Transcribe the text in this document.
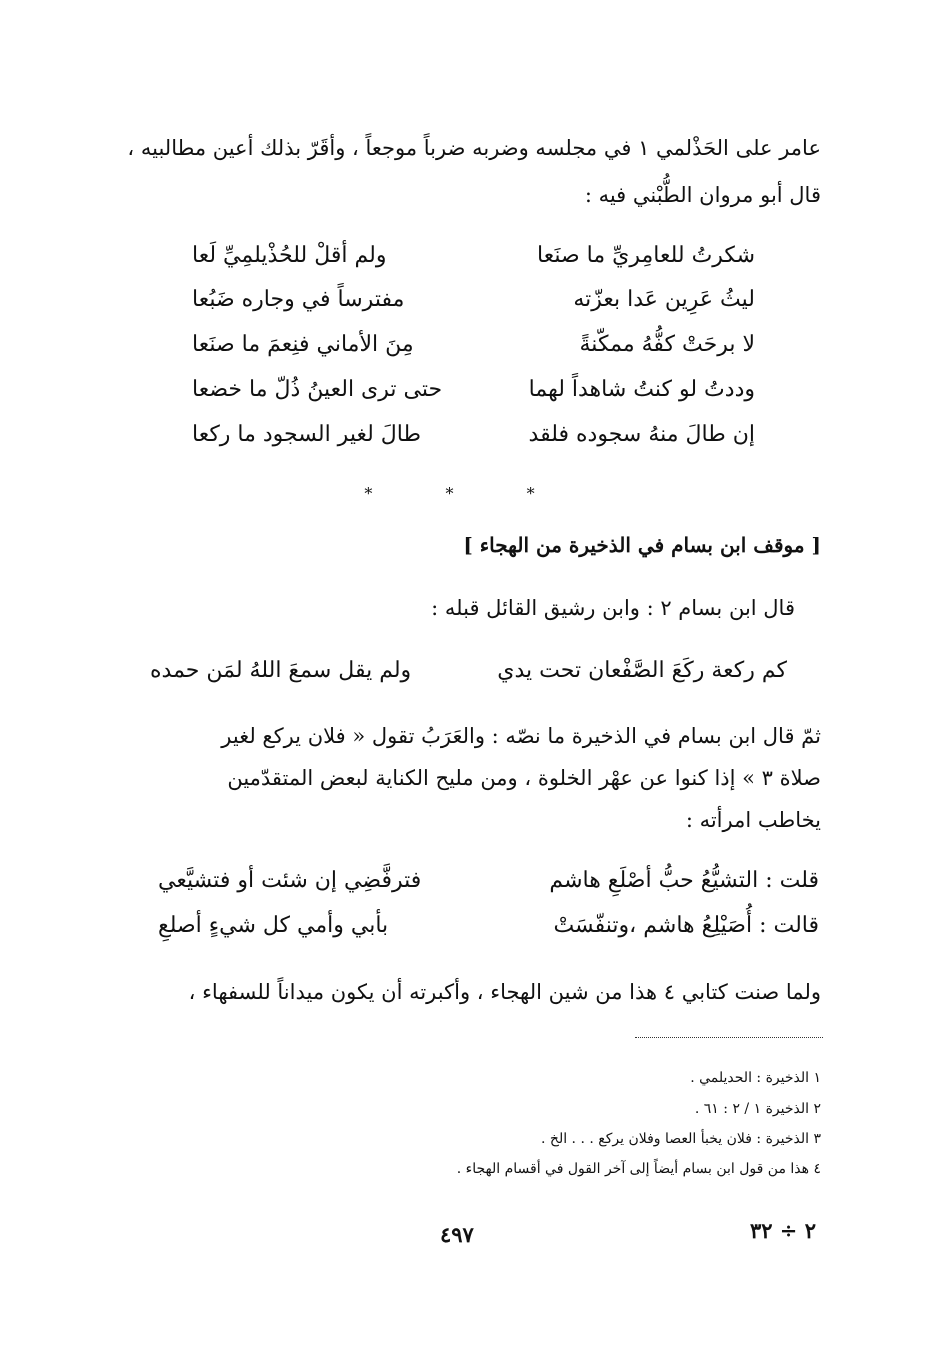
عامر على الحَذْلمي ١ في مجلسه وضربه ضرباً موجعاً ، وأقَرّ بذلك أعين مطالبيه ،
قال أبو مروان الطُّبْني فيه :
شكرتُ للعامِريِّ ما صنَعا
ولم أقلْ للحُذْيلمِيِّ لَعا
ليثُ عَرِين عَدا بعزّته
مفترساً في وجاره ضَبُعا
لا برحَتْ كفُّهُ ممكّنةً
مِنَ الأماني فنِعمَ ما صنَعا
وددتُ لو كنتُ شاهداً لهما
حتى ترى العينُ ذُلّ ما خضعا
إن طالَ منهُ سجوده فلقد
طالَ لغير السجود ما ركعا
* * *
[ موقف ابن بسام في الذخيرة من الهجاء ]
قال ابن بسام ٢ : وابن رشيق القائل قبله :
كم ركعة ركَعَ الصَّفْعان تحت يدي
ولم يقل سمعَ اللهُ لمَن حمده
ثمّ قال ابن بسام في الذخيرة ما نصّه : والعَرَبُ تقول « فلان يركع لغير
صلاة ٣ » إذا كنوا عن عهْر الخلوة ، ومن مليح الكناية لبعض المتقدّمين
يخاطب امرأته :
قلت : التشيُّعُ حبُّ أصْلَعِ هاشم
فترفَّضِي إن شئت أو فتشيَّعي
قالت : أُصَيْلِعُ هاشم ،وتنفّسَتْ
بأبي وأمي كل شيءٍ أصلعِ
ولما صنت كتابي ٤ هذا من شين الهجاء ، وأكبرته أن يكون ميداناً للسفهاء ،
١ الذخيرة : الحديلمي .
٢ الذخيرة ١ / ٢ : ٦١ .
٣ الذخيرة : فلان يخبأ العصا وفلان يركع . . . الخ .
٤ هذا من قول ابن بسام أيضاً إلى آخر القول في أقسام الهجاء .
٤٩٧	٢ ÷ ٣٢
